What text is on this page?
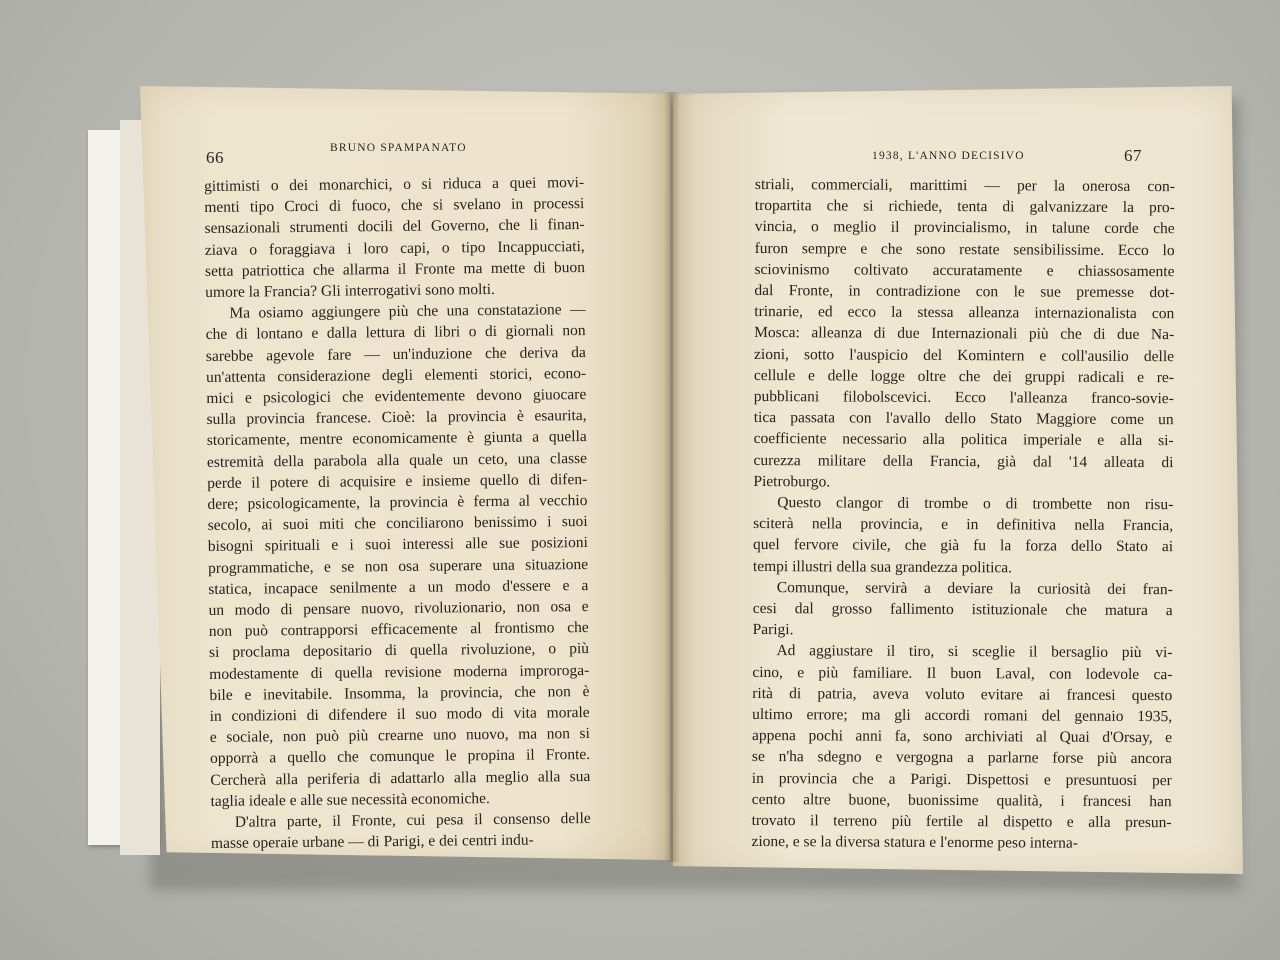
66	BRUNO SPAMPANATO
1938, L'ANNO DECISIVO	67
gittimisti o dei monarchici, o si riduca a quei movi-
menti tipo Croci di fuoco, che si svelano in processi
sensazionali strumenti docili del Governo, che li finan-
ziava o foraggiava i loro capi, o tipo Incappucciati,
setta patriottica che allarma il Fronte ma mette di buon
umore la Francia? Gli interrogativi sono molti.
Ma osiamo aggiungere più che una constatazione —
che di lontano e dalla lettura di libri o di giornali non
sarebbe agevole fare — un'induzione che deriva da
un'attenta considerazione degli elementi storici, econo-
mici e psicologici che evidentemente devono giuocare
sulla provincia francese. Cioè: la provincia è esaurita,
storicamente, mentre economicamente è giunta a quella
estremità della parabola alla quale un ceto, una classe
perde il potere di acquisire e insieme quello di difen-
dere; psicologicamente, la provincia è ferma al vecchio
secolo, ai suoi miti che conciliarono benissimo i suoi
bisogni spirituali e i suoi interessi alle sue posizioni
programmatiche, e se non osa superare una situazione
statica, incapace senilmente a un modo d'essere e a
un modo di pensare nuovo, rivoluzionario, non osa e
non può contrapporsi efficacemente al frontismo che
si proclama depositario di quella rivoluzione, o più
modestamente di quella revisione moderna improroga-
bile e inevitabile. Insomma, la provincia, che non è
in condizioni di difendere il suo modo di vita morale
e sociale, non può più crearne uno nuovo, ma non si
opporrà a quello che comunque le propina il Fronte.
Cercherà alla periferia di adattarlo alla meglio alla sua
taglia ideale e alle sue necessità economiche.
D'altra parte, il Fronte, cui pesa il consenso delle
masse operaie urbane — di Parigi, e dei centri indu-
striali, commerciali, marittimi — per la onerosa con-
tropartita che si richiede, tenta di galvanizzare la pro-
vincia, o meglio il provincialismo, in talune corde che
furon sempre e che sono restate sensibilissime. Ecco lo
sciovinismo coltivato accuratamente e chiassosamente
dal Fronte, in contradizione con le sue premesse dot-
trinarie, ed ecco la stessa alleanza internazionalista con
Mosca: alleanza di due Internazionali più che di due Na-
zioni, sotto l'auspicio del Komintern e coll'ausilio delle
cellule e delle logge oltre che dei gruppi radicali e re-
pubblicani filobolscevici. Ecco l'alleanza franco-sovie-
tica passata con l'avallo dello Stato Maggiore come un
coefficiente necessario alla politica imperiale e alla si-
curezza militare della Francia, già dal '14 alleata di
Pietroburgo.
Questo clangor di trombe o di trombette non risu-
sciterà nella provincia, e in definitiva nella Francia,
quel fervore civile, che già fu la forza dello Stato ai
tempi illustri della sua grandezza politica.
Comunque, servirà a deviare la curiosità dei fran-
cesi dal grosso fallimento istituzionale che matura a
Parigi.
Ad aggiustare il tiro, si sceglie il bersaglio più vi-
cino, e più familiare. Il buon Laval, con lodevole ca-
rità di patria, aveva voluto evitare ai francesi questo
ultimo errore; ma gli accordi romani del gennaio 1935,
appena pochi anni fa, sono archiviati al Quai d'Orsay, e
se n'ha sdegno e vergogna a parlarne forse più ancora
in provincia che a Parigi. Dispettosi e presuntuosi per
cento altre buone, buonissime qualità, i francesi han
trovato il terreno più fertile al dispetto e alla presun-
zione, e se la diversa statura e l'enorme peso interna-
